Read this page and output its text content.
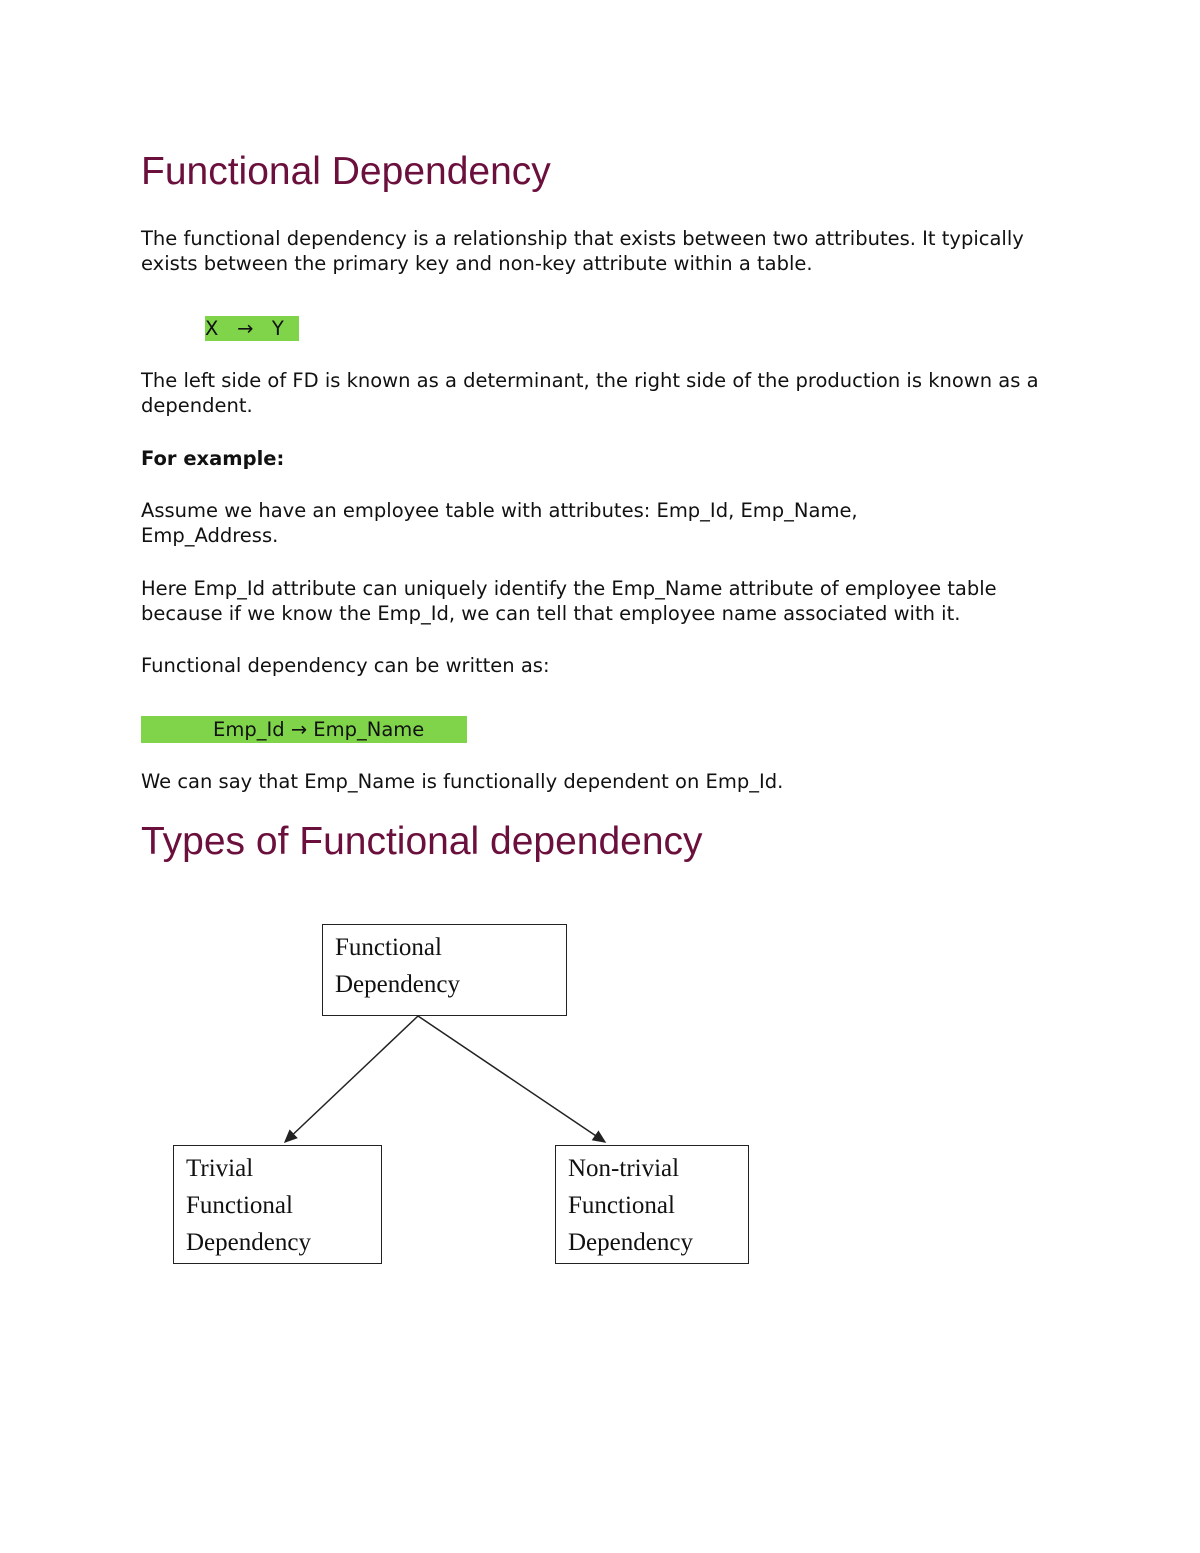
Functional Dependency

The functional dependency is a relationship that exists between two attributes. It typically exists between the primary key and non-key attribute within a table.

X → Y

The left side of FD is known as a determinant, the right side of the production is known as a dependent.

For example:

Assume we have an employee table with attributes: Emp_Id, Emp_Name, Emp_Address.

Here Emp_Id attribute can uniquely identify the Emp_Name attribute of employee table because if we know the Emp_Id, we can tell that employee name associated with it.

Functional dependency can be written as:

Emp_Id → Emp_Name

We can say that Emp_Name is functionally dependent on Emp_Id.

Types of Functional dependency
Functional
Dependency
Trivial
Functional
Dependency
Non-trivial
Functional
Dependency
